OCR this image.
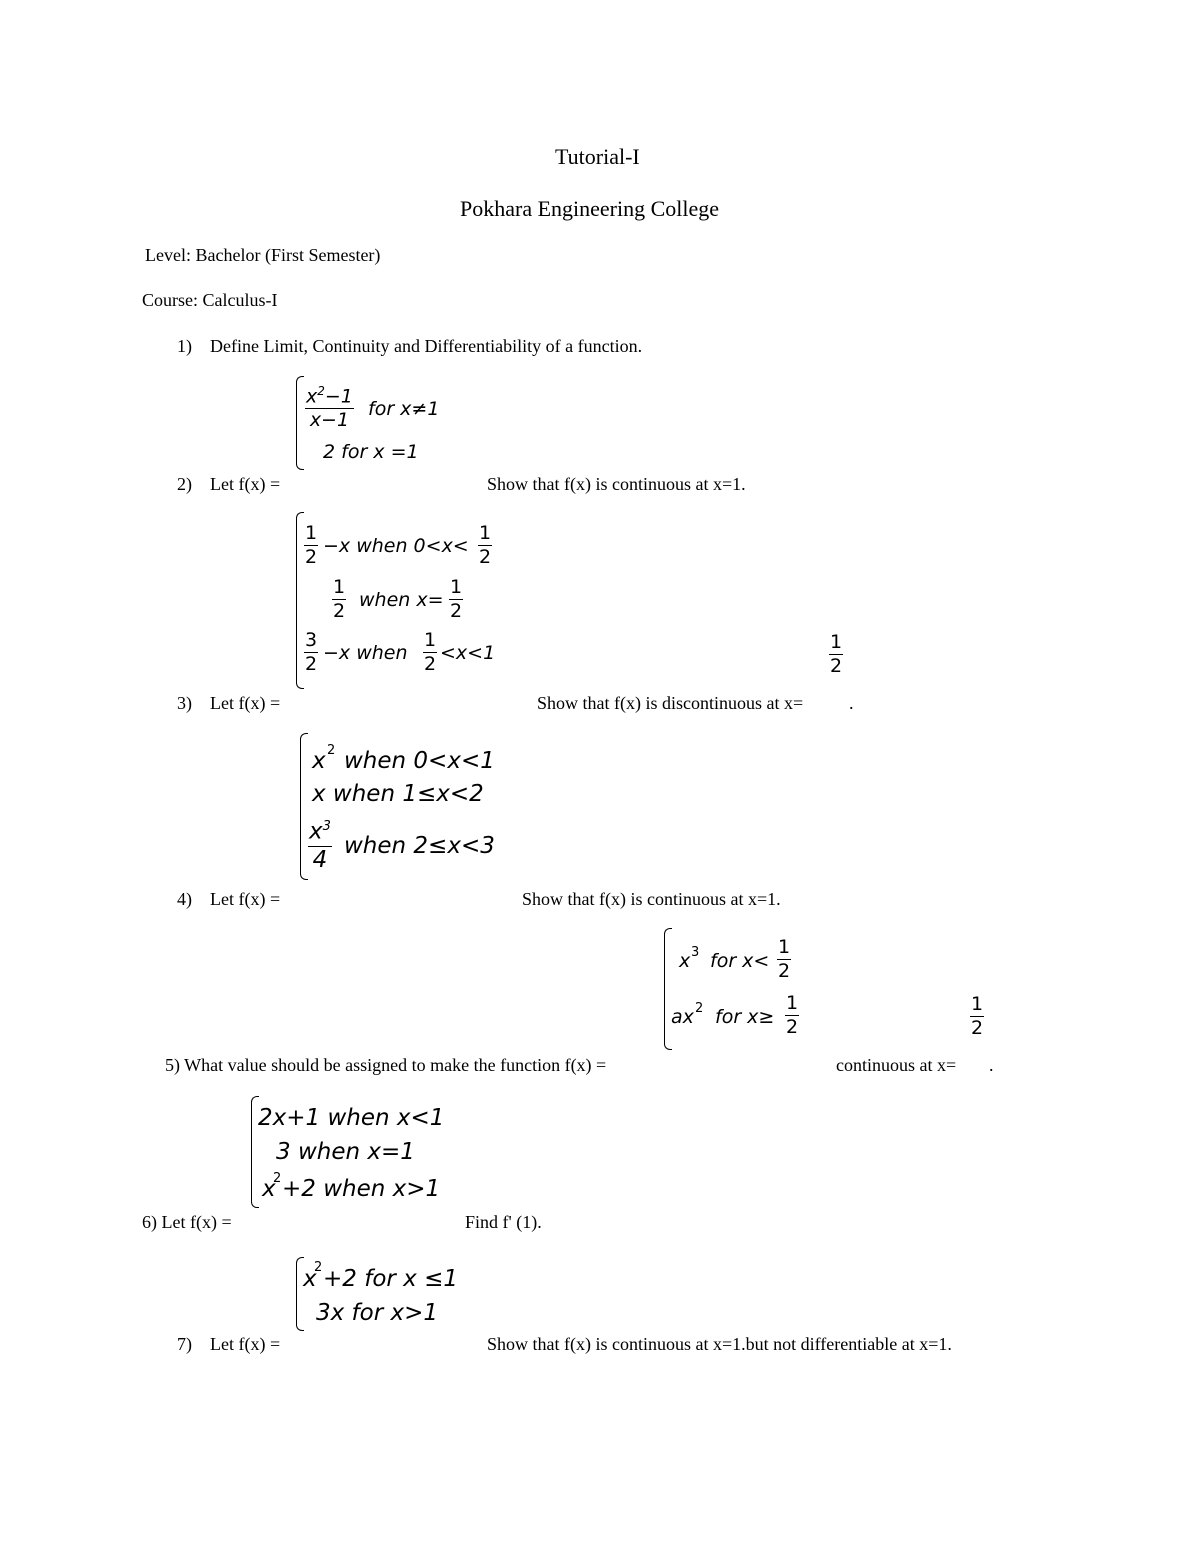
Tutorial-I
Pokhara Engineering College
Level: Bachelor (First Semester)
Course: Calculus-I
1) Define Limit, Continuity and Differentiability of a function.
$x^2-1$
x−1
for x≠1
2 for x =1
2) Let f(x) =	Show that f(x) is continuous at x=1.
1
2 −x when 0<x<
1
2
1
2 when x=
1
2
3
2 −x when
1
2 <x<1
3) Let f(x) =	Show that f(x) is discontinuous at x=
1
2
.
x 2 when 0<x<1
x when 1≤x<2
$x^3$
4
when 2≤x<3
4) Let f(x) =	Show that f(x) is continuous at x=1.
x 3 for x<
1
2
ax 2 for x≥
1
2
5) What value should be assigned to make the function f(x) =	continuous at x=
1
2
.
2x+1 when x<1
3 when x=1
x
2 +2 when x>1
6) Let f(x) =	Find f' (1).
x
2 +2 for x ≤1
3x for x>1
7) Let f(x) =	Show that f(x) is continuous at x=1.but not differentiable at x=1.
